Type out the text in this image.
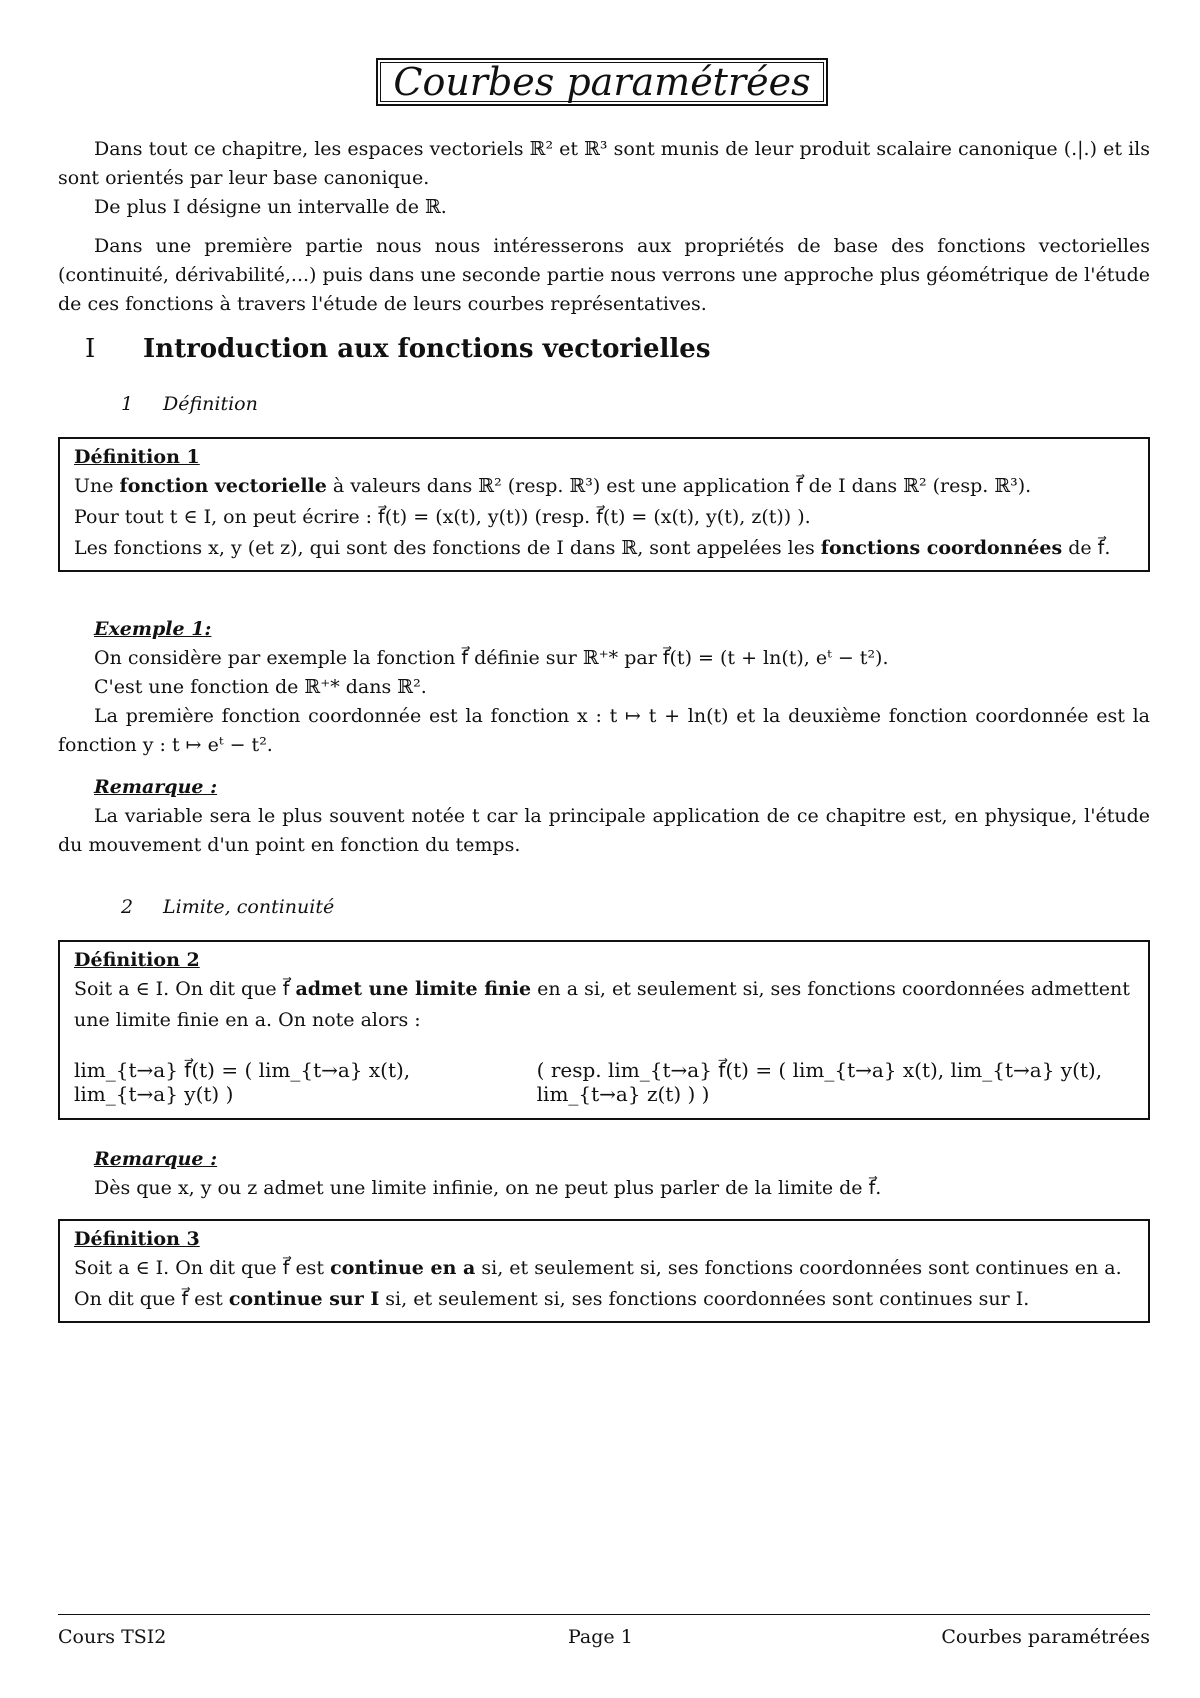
Courbes paramétrées

Dans tout ce chapitre, les espaces vectoriels ℝ² et ℝ³ sont munis de leur produit scalaire canonique (.|.) et ils sont orientés par leur base canonique.

De plus I désigne un intervalle de ℝ.

Dans une première partie nous nous intéresserons aux propriétés de base des fonctions vectorielles (continuité, dérivabilité,...) puis dans une seconde partie nous verrons une approche plus géométrique de l'étude de ces fonctions à travers l'étude de leurs courbes représentatives.

I Introduction aux fonctions vectorielles
1 Définition
Définition 1

Une fonction vectorielle à valeurs dans ℝ² (resp. ℝ³) est une application f⃗ de I dans ℝ² (resp. ℝ³).

Pour tout t ∈ I, on peut écrire : f⃗(t) = (x(t), y(t)) (resp. f⃗(t) = (x(t), y(t), z(t)) ).

Les fonctions x, y (et z), qui sont des fonctions de I dans ℝ, sont appelées les fonctions coordonnées de f⃗.

Exemple 1:

On considère par exemple la fonction f⃗ définie sur ℝ⁺* par f⃗(t) = (t + ln(t), eᵗ − t²).

C'est une fonction de ℝ⁺* dans ℝ².

La première fonction coordonnée est la fonction x : t ↦ t + ln(t) et la deuxième fonction coordonnée est la fonction y : t ↦ eᵗ − t².

Remarque :

La variable sera le plus souvent notée t car la principale application de ce chapitre est, en physique, l'étude du mouvement d'un point en fonction du temps.

2 Limite, continuité
Définition 2

Soit a ∈ I. On dit que f⃗ admet une limite finie en a si, et seulement si, ses fonctions coordonnées admettent une limite finie en a. On note alors :

lim_{t→a} f⃗(t) = ( lim_{t→a} x(t), lim_{t→a} y(t) )
( resp. lim_{t→a} f⃗(t) = ( lim_{t→a} x(t), lim_{t→a} y(t), lim_{t→a} z(t) ) )
Remarque :

Dès que x, y ou z admet une limite infinie, on ne peut plus parler de la limite de f⃗.

Définition 3

Soit a ∈ I. On dit que f⃗ est continue en a si, et seulement si, ses fonctions coordonnées sont continues en a.

On dit que f⃗ est continue sur I si, et seulement si, ses fonctions coordonnées sont continues sur I.

Cours TSI2	Page 1	Courbes paramétrées
